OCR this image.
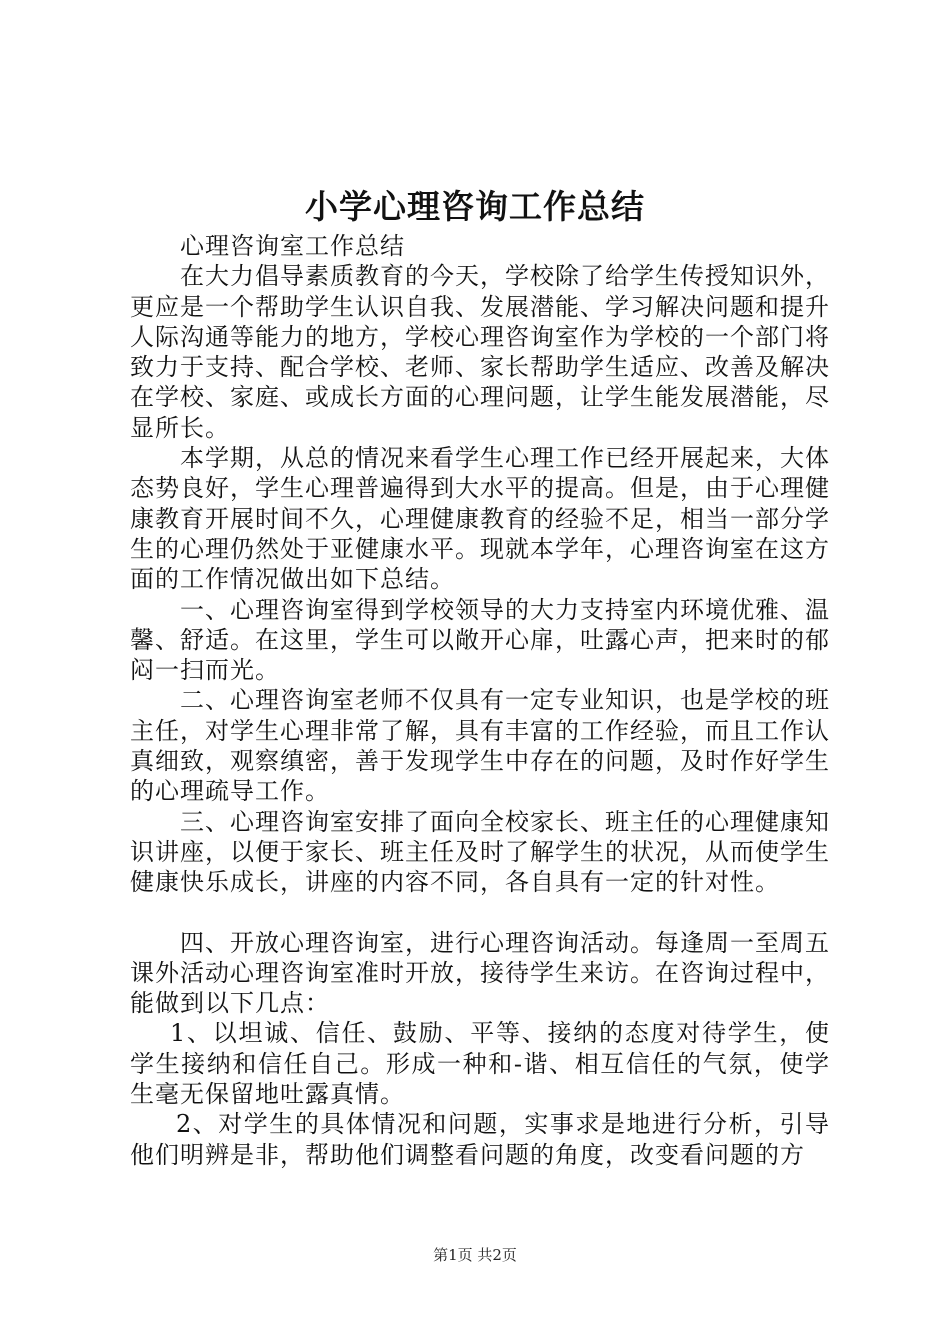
小学心理咨询工作总结

心理咨询室工作总结

在大力倡导素质教育的今天，学校除了给学生传授知识外，更应是一个帮助学生认识自我、发展潜能、学习解决问题和提升人际沟通等能力的地方，学校心理咨询室作为学校的一个部门将致力于支持、配合学校、老师、家长帮助学生适应、改善及解决在学校、家庭、或成长方面的心理问题，让学生能发展潜能，尽显所长。

本学期，从总的情况来看学生心理工作已经开展起来，大体态势良好，学生心理普遍得到大水平的提高。但是，由于心理健康教育开展时间不久，心理健康教育的经验不足，相当一部分学生的心理仍然处于亚健康水平。现就本学年，心理咨询室在这方面的工作情况做出如下总结。

一、心理咨询室得到学校领导的大力支持室内环境优雅、温馨、舒适。在这里，学生可以敞开心扉，吐露心声，把来时的郁闷一扫而光。

二、心理咨询室老师不仅具有一定专业知识，也是学校的班主任，对学生心理非常了解，具有丰富的工作经验，而且工作认真细致，观察缜密，善于发现学生中存在的问题，及时作好学生的心理疏导工作。

三、心理咨询室安排了面向全校家长、班主任的心理健康知识讲座，以便于家长、班主任及时了解学生的状况，从而使学生健康快乐成长，讲座的内容不同，各自具有一定的针对性。

四、开放心理咨询室，进行心理咨询活动。每逢周一至周五课外活动心理咨询室准时开放，接待学生来访。在咨询过程中，能做到以下几点：

1、以坦诚、信任、鼓励、平等、接纳的态度对待学生，使学生接纳和信任自己。形成一种和-谐、相互信任的气氛，使学生毫无保留地吐露真情。

2、对学生的具体情况和问题，实事求是地进行分析，引导他们明辨是非，帮助他们调整看问题的角度，改变看问题的方

第1页 共2页
